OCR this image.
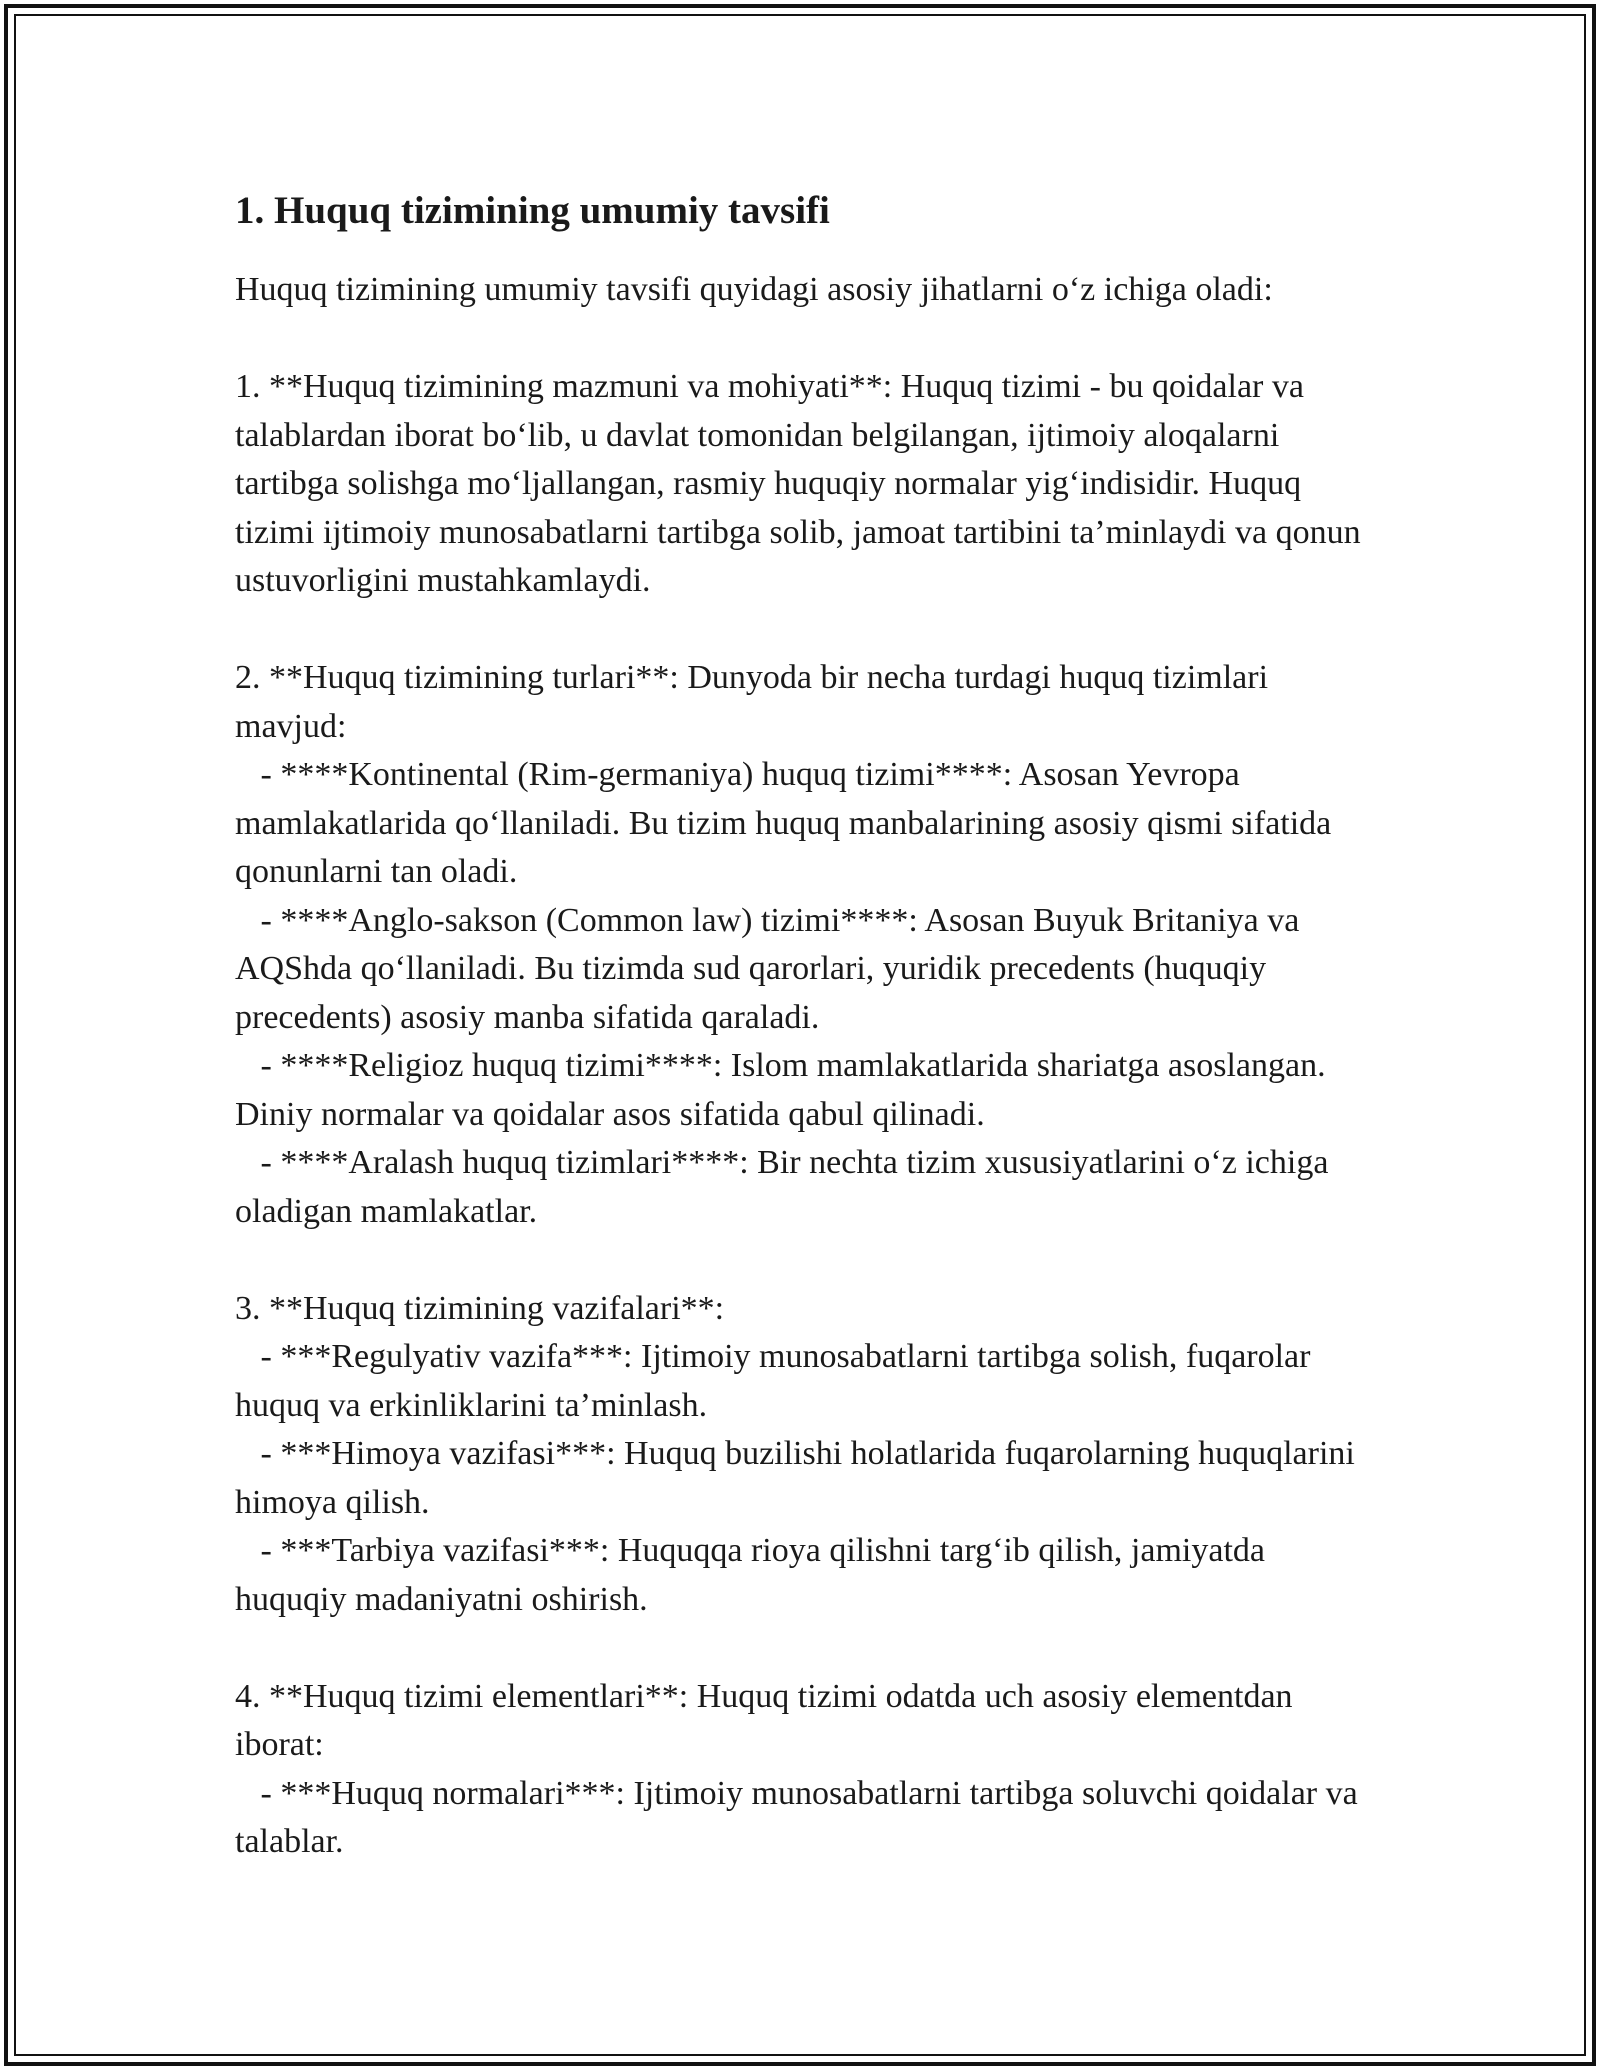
1. Huquq tizimining umumiy tavsifi

Huquq tizimining umumiy tavsifi quyidagi asosiy jihatlarni o‘z ichiga oladi:

1. **Huquq tizimining mazmuni va mohiyati**: Huquq tizimi - bu qoidalar va talablardan iborat bo‘lib, u davlat tomonidan belgilangan, ijtimoiy aloqalarni tartibga solishga mo‘ljallangan, rasmiy huquqiy normalar yig‘indisidir. Huquq tizimi ijtimoiy munosabatlarni tartibga solib, jamoat tartibini ta’minlaydi va qonun ustuvorligini mustahkamlaydi.
2. **Huquq tizimining turlari**: Dunyoda bir necha turdagi huquq tizimlari mavjud:
- ****Kontinental (Rim-germaniya) huquq tizimi****: Asosan Yevropa mamlakatlarida qo‘llaniladi. Bu tizim huquq manbalarining asosiy qismi sifatida qonunlarni tan oladi.
- ****Anglo-sakson (Common law) tizimi****: Asosan Buyuk Britaniya va AQShda qo‘llaniladi. Bu tizimda sud qarorlari, yuridik precedents (huquqiy precedents) asosiy manba sifatida qaraladi.
- ****Religioz huquq tizimi****: Islom mamlakatlarida shariatga asoslangan. Diniy normalar va qoidalar asos sifatida qabul qilinadi.
- ****Aralash huquq tizimlari****: Bir nechta tizim xususiyatlarini o‘z ichiga oladigan mamlakatlar.
3. **Huquq tizimining vazifalari**:
- ***Regulyativ vazifa***: Ijtimoiy munosabatlarni tartibga solish, fuqarolar huquq va erkinliklarini ta’minlash.
- ***Himoya vazifasi***: Huquq buzilishi holatlarida fuqarolarning huquqlarini himoya qilish.
- ***Tarbiya vazifasi***: Huquqqa rioya qilishni targ‘ib qilish, jamiyatda huquqiy madaniyatni oshirish.
4. **Huquq tizimi elementlari**: Huquq tizimi odatda uch asosiy elementdan iborat:
- ***Huquq normalari***: Ijtimoiy munosabatlarni tartibga soluvchi qoidalar va talablar.
